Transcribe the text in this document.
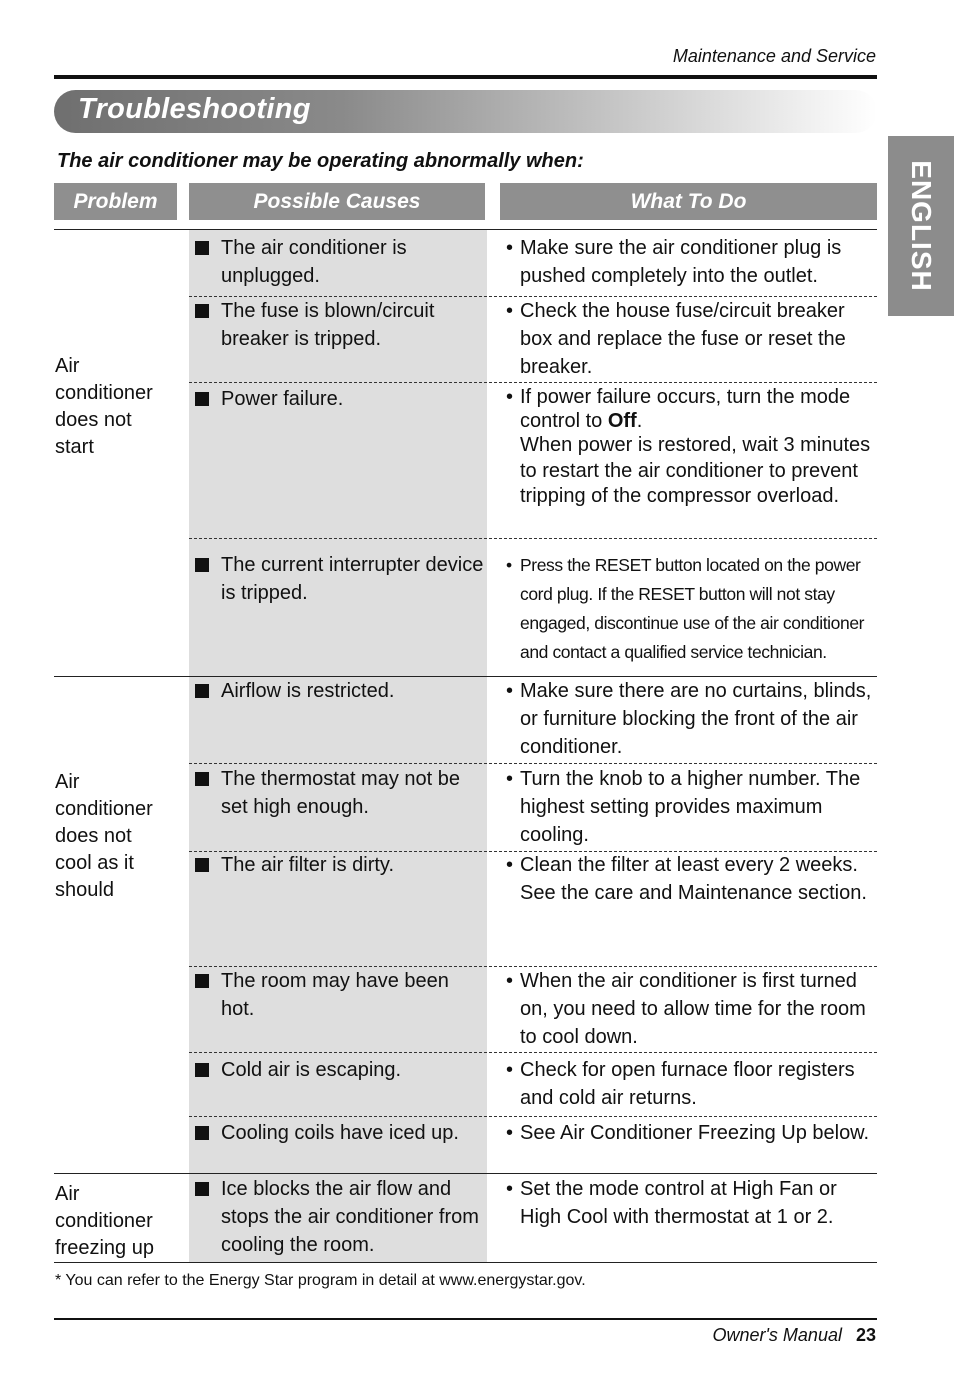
Maintenance and Service
Troubleshooting
ENGLISH
The air conditioner may be operating abnormally when:
Problem	Possible Causes	What To Do
Air
conditioner
does not
start
Air
conditioner
does not
cool as it
should
Air
conditioner
freezing up
The air conditioner is unplugged.
The fuse is blown/circuit breaker is tripped.
Power failure.
The current interrupter device is tripped.
Airflow is restricted.
The thermostat may not be set high enough.
The air filter is dirty.
The room may have been hot.
Cold air is escaping.
Cooling coils have iced up.
Ice blocks the air flow and stops the air conditioner from cooling the room.
• Make sure the air conditioner plug is pushed completely into the outlet.
• Check the house fuse/circuit breaker box and replace the fuse or reset the breaker.
• If power failure occurs, turn the mode control to Off.
When power is restored, wait 3 minutes to restart the air conditioner to prevent tripping of the compressor overload.
• Press the RESET button located on the power cord plug. If the RESET button will not stay engaged, discontinue use of the air conditioner and contact a qualified service technician.
• Make sure there are no curtains, blinds, or furniture blocking the front of the air conditioner.
• Turn the knob to a higher number. The highest setting provides maximum cooling.
• Clean the filter at least every 2 weeks.
See the care and Maintenance section.
• When the air conditioner is first turned on, you need to allow time for the room to cool down.
• Check for open furnace floor registers and cold air returns.
• See Air Conditioner Freezing Up below.
• Set the mode control at High Fan or High Cool with thermostat at 1 or 2.
* You can refer to the Energy Star program in detail at www.energystar.gov.
Owner's Manual 23
